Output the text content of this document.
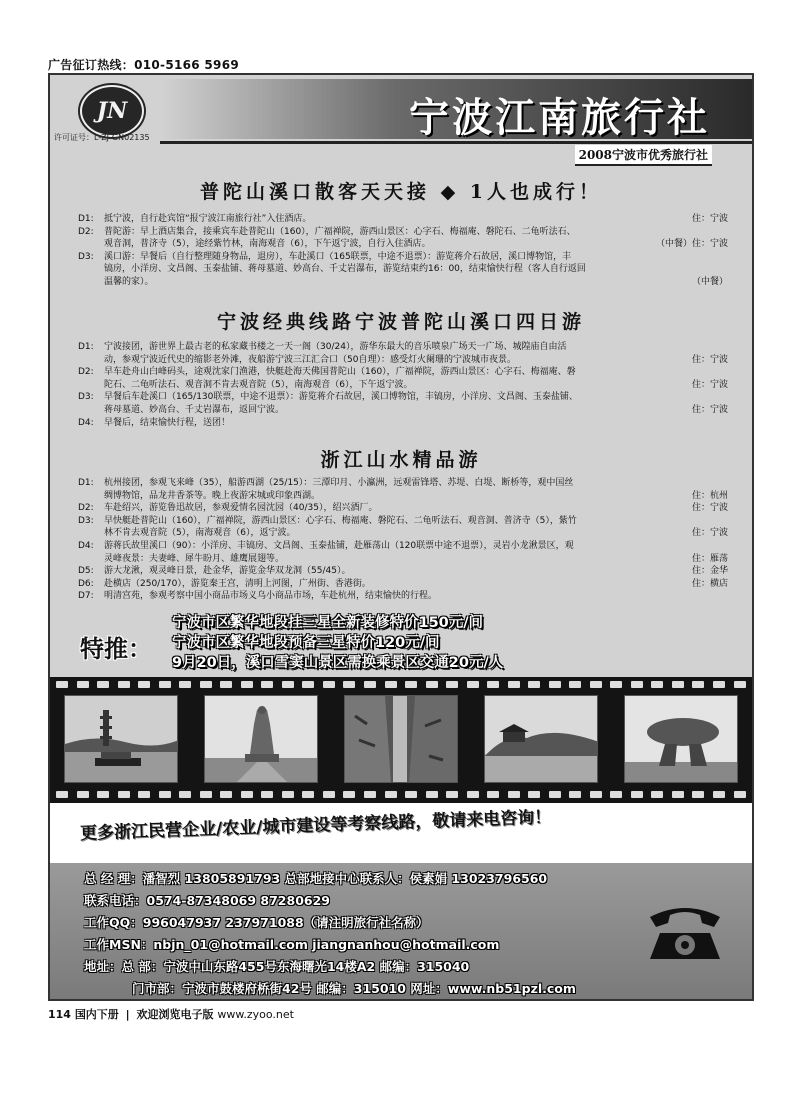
广告征订热线：010-5166 5969
JN
许可证号：L-ZJ-GN02135	宁波江南旅行社
2008宁波市优秀旅行社
普陀山溪口散客天天接 ◆ 1人也成行！
D1:	抵宁波，自行赴宾馆“报宁波江南旅行社”入住酒店。	住：宁波
D2:	普陀游：早上酒店集合，接乘宾车赴普陀山（160），广福禅院，游西山景区：心字石、梅福庵、磐陀石、二龟听法石、
观音洞，普济寺（5），途经紫竹林，南海观音（6），下午返宁波，自行入住酒店。	（中餐）住：宁波
D3:	溪口游：早餐后（自行整理随身物品，退房），车赴溪口（165联票，中途不退票）：游览蒋介石故居，溪口博物馆，丰
镐房，小洋房、文昌阁、玉泰盐铺、蒋母墓道、妙高台、千丈岩瀑布，游览结束约16：00，结束愉快行程（客人自行返回
温馨的家）。	（中餐）
宁波经典线路宁波普陀山溪口四日游
D1:	宁波接团，游世界上最古老的私家藏书楼之一天一阁（30/24），游华东最大的音乐喷泉广场天一广场、城隍庙自由活
动，参观宁波近代史的缩影老外滩，夜船游宁波三江汇合口（50自理）：感受灯火阑珊的宁波城市夜景。	住：宁波
D2:	早车赴舟山白峰码头，途观沈家门渔港，快艇赴海天佛国普陀山（160），广福禅院，游西山景区：心字石、梅福庵、磐
陀石、二龟听法石、观音洞不肯去观音院（5），南海观音（6），下午返宁波。	住：宁波
D3:	早餐后车赴溪口（165/130联票，中途不退票）：游览蒋介石故居，溪口博物馆，丰镐房，小洋房、文昌阁、玉泰盐铺、
蒋母墓道、妙高台、千丈岩瀑布，返回宁波。	住：宁波
D4:	早餐后，结束愉快行程，送团！
浙江山水精品游
D1:	杭州接团，参观飞来峰（35），船游西湖（25/15）：三潭印月、小瀛洲，远观雷锋塔、苏堤、白堤、断桥等，观中国丝
绸博物馆，品龙井香茶等。晚上夜游宋城或印象西湖。	住：杭州
D2:	车赴绍兴，游览鲁迅故居，参观爱情名园沈园（40/35），绍兴酒厂。	住：宁波
D3:	早快艇赴普陀山（160），广福禅院，游西山景区：心字石、梅福庵、磐陀石、二龟听法石、观音洞、普济寺（5），紫竹
林不肯去观音院（5），南海观音（6），返宁波。	住：宁波
D4:	游蒋氏故里溪口（90）：小洋房、丰镐房、文昌阁、玉泰盐铺，赴雁荡山（120联票中途不退票），灵岩小龙湫景区，观
灵峰夜景：夫妻峰、犀牛盼月、雄鹰展翅等。	住：雁荡
D5:	游大龙湫，观灵峰日景，赴金华，游览金华双龙洞（55/45）。	住：金华
D6:	赴横店（250/170），游览秦王宫，清明上河图，广州街、香港街。	住：横店
D7:	明清宫苑，参观考察中国小商品市场义乌小商品市场，车赴杭州，结束愉快的行程。
特推：
宁波市区繁华地段挂三星全新装修特价150元/间
宁波市区繁华地段预备三星特价120元/间
9月20日，溪口雪窦山景区需换乘景区交通20元/人
更多浙江民营企业/农业/城市建设等考察线路，敬请来电咨询！
总 经 理：潘智烈 13805891793 总部地接中心联系人：侯素娟 13023796560
联系电话：0574-87348069 87280629
工作QQ：996047937 237971088（请注明旅行社名称）
工作MSN：nbjn_01@hotmail.com jiangnanhou@hotmail.com
地址：总 部：宁波中山东路455号东海曙光14楼A2 邮编：315040
门市部：宁波市鼓楼府桥街42号 邮编：315010 网址：www.nb51pzl.com
114 国内下册 | 欢迎浏览电子版 www.zyoo.net
